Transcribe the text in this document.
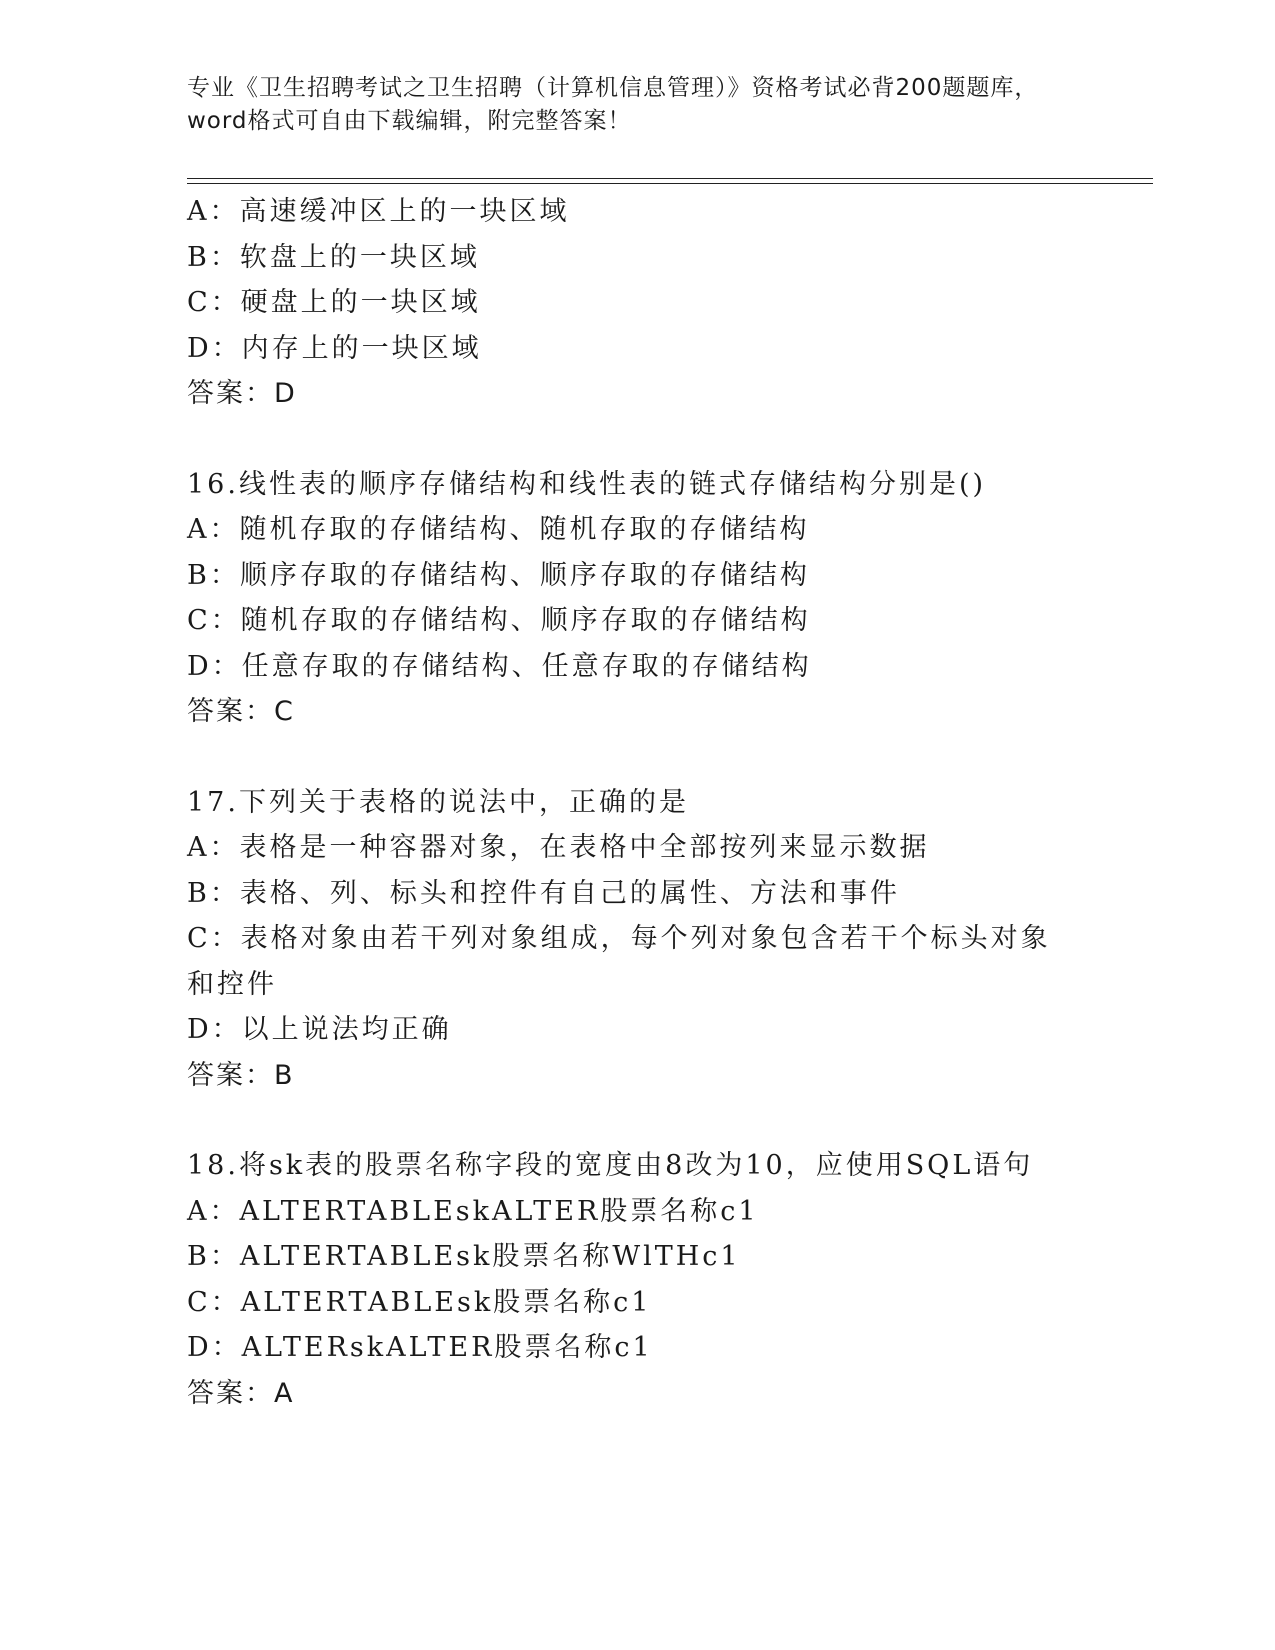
专业《卫生招聘考试之卫生招聘（计算机信息管理）》资格考试必背200题题库，
word格式可自由下载编辑，附完整答案！
A：高速缓冲区上的一块区域
B：软盘上的一块区域
C：硬盘上的一块区域
D：内存上的一块区域
答案：D
16.线性表的顺序存储结构和线性表的链式存储结构分别是()
A：随机存取的存储结构、随机存取的存储结构
B：顺序存取的存储结构、顺序存取的存储结构
C：随机存取的存储结构、顺序存取的存储结构
D：任意存取的存储结构、任意存取的存储结构
答案：C
17.下列关于表格的说法中，正确的是
A：表格是一种容器对象，在表格中全部按列来显示数据
B：表格、列、标头和控件有自己的属性、方法和事件
C：表格对象由若干列对象组成，每个列对象包含若干个标头对象和控件
D：以上说法均正确
答案：B
18.将sk表的股票名称字段的宽度由8改为10，应使用SQL语句
A：ALTERTABLEskALTER股票名称c1
B：ALTERTABLEsk股票名称WlTHc1
C：ALTERTABLEsk股票名称c1
D：ALTERskALTER股票名称c1
答案：A
